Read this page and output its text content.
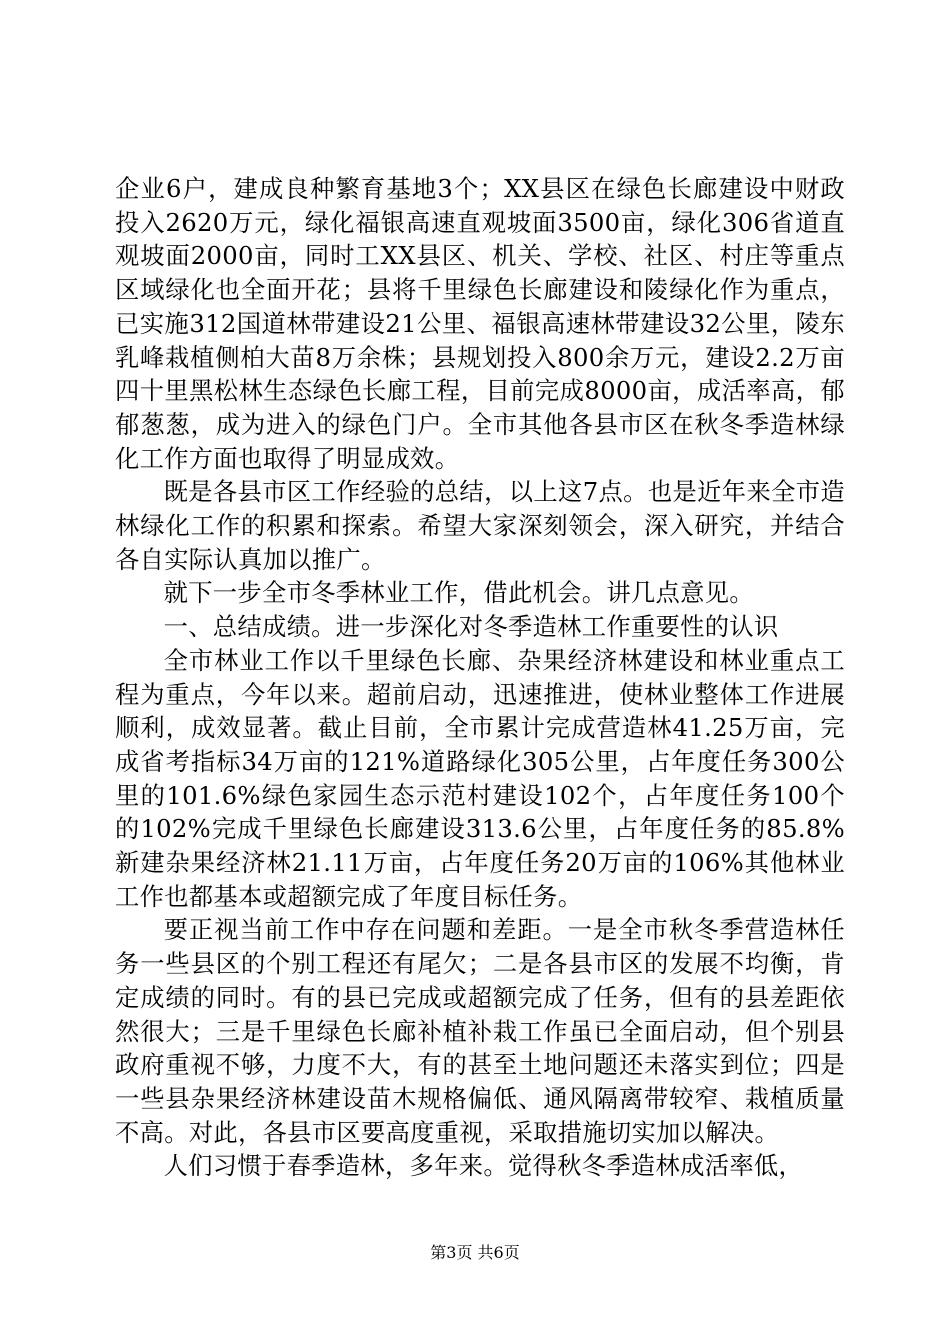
企业6户，建成良种繁育基地3个；XX县区在绿色长廊建设中财政投入2620万元，绿化福银高速直观坡面3500亩，绿化306省道直观坡面2000亩，同时工XX县区、机关、学校、社区、村庄等重点区域绿化也全面开花；县将千里绿色长廊建设和陵绿化作为重点，已实施312国道林带建设21公里、福银高速林带建设32公里，陵东乳峰栽植侧柏大苗8万余株；县规划投入800余万元，建设2.2万亩四十里黑松林生态绿色长廊工程，目前完成8000亩，成活率高，郁郁葱葱，成为进入的绿色门户。全市其他各县市区在秋冬季造林绿化工作方面也取得了明显成效。

既是各县市区工作经验的总结，以上这7点。也是近年来全市造林绿化工作的积累和探索。希望大家深刻领会，深入研究，并结合各自实际认真加以推广。

就下一步全市冬季林业工作，借此机会。讲几点意见。

一、总结成绩。进一步深化对冬季造林工作重要性的认识

全市林业工作以千里绿色长廊、杂果经济林建设和林业重点工程为重点，今年以来。超前启动，迅速推进，使林业整体工作进展顺利，成效显著。截止目前，全市累计完成营造林41.25万亩，完成省考指标34万亩的121%道路绿化305公里，占年度任务300公里的101.6%绿色家园生态示范村建设102个，占年度任务100个的102%完成千里绿色长廊建设313.6公里，占年度任务的85.8%新建杂果经济林21.11万亩，占年度任务20万亩的106%其他林业工作也都基本或超额完成了年度目标任务。

要正视当前工作中存在问题和差距。一是全市秋冬季营造林任务一些县区的个别工程还有尾欠；二是各县市区的发展不均衡，肯定成绩的同时。有的县已完成或超额完成了任务，但有的县差距依然很大；三是千里绿色长廊补植补栽工作虽已全面启动，但个别县政府重视不够，力度不大，有的甚至土地问题还未落实到位；四是一些县杂果经济林建设苗木规格偏低、通风隔离带较窄、栽植质量不高。对此，各县市区要高度重视，采取措施切实加以解决。

人们习惯于春季造林，多年来。觉得秋冬季造林成活率低，

第3页 共6页
